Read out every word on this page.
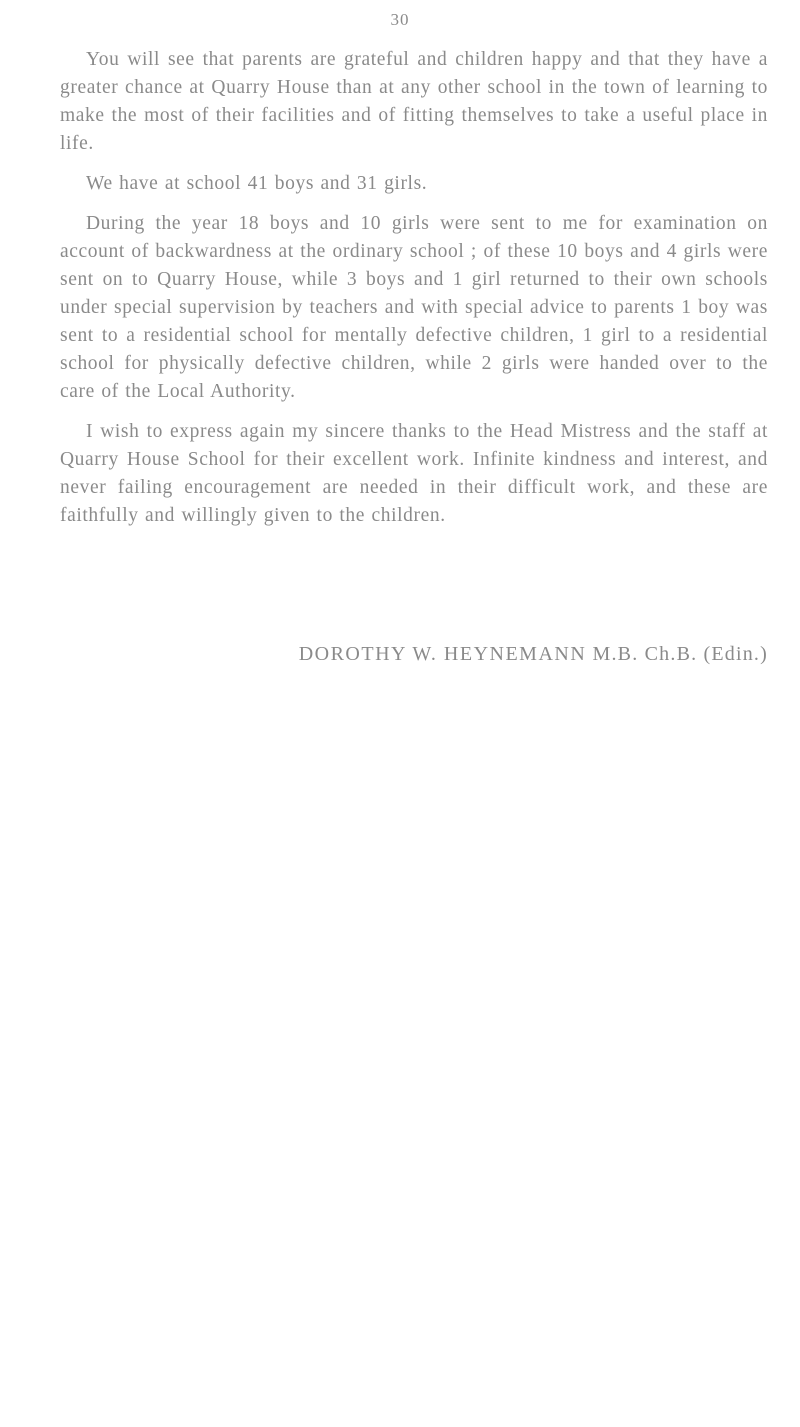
30

You will see that parents are grateful and children happy and that they have a greater chance at Quarry House than at any other school in the town of learning to make the most of their facilities and of fitting themselves to take a useful place in life.

We have at school 41 boys and 31 girls.

During the year 18 boys and 10 girls were sent to me for examination on account of backwardness at the ordinary school ; of these 10 boys and 4 girls were sent on to Quarry House, while 3 boys and 1 girl returned to their own schools under special supervision by teachers and with special advice to parents 1 boy was sent to a residential school for mentally defective children, 1 girl to a residential school for physically defective children, while 2 girls were handed over to the care of the Local Authority.

I wish to express again my sincere thanks to the Head Mistress and the staff at Quarry House School for their excellent work. Infinite kindness and interest, and never failing encouragement are needed in their difficult work, and these are faithfully and willingly given to the children.

DOROTHY W. HEYNEMANN M.B. Ch.B. (Edin.)
